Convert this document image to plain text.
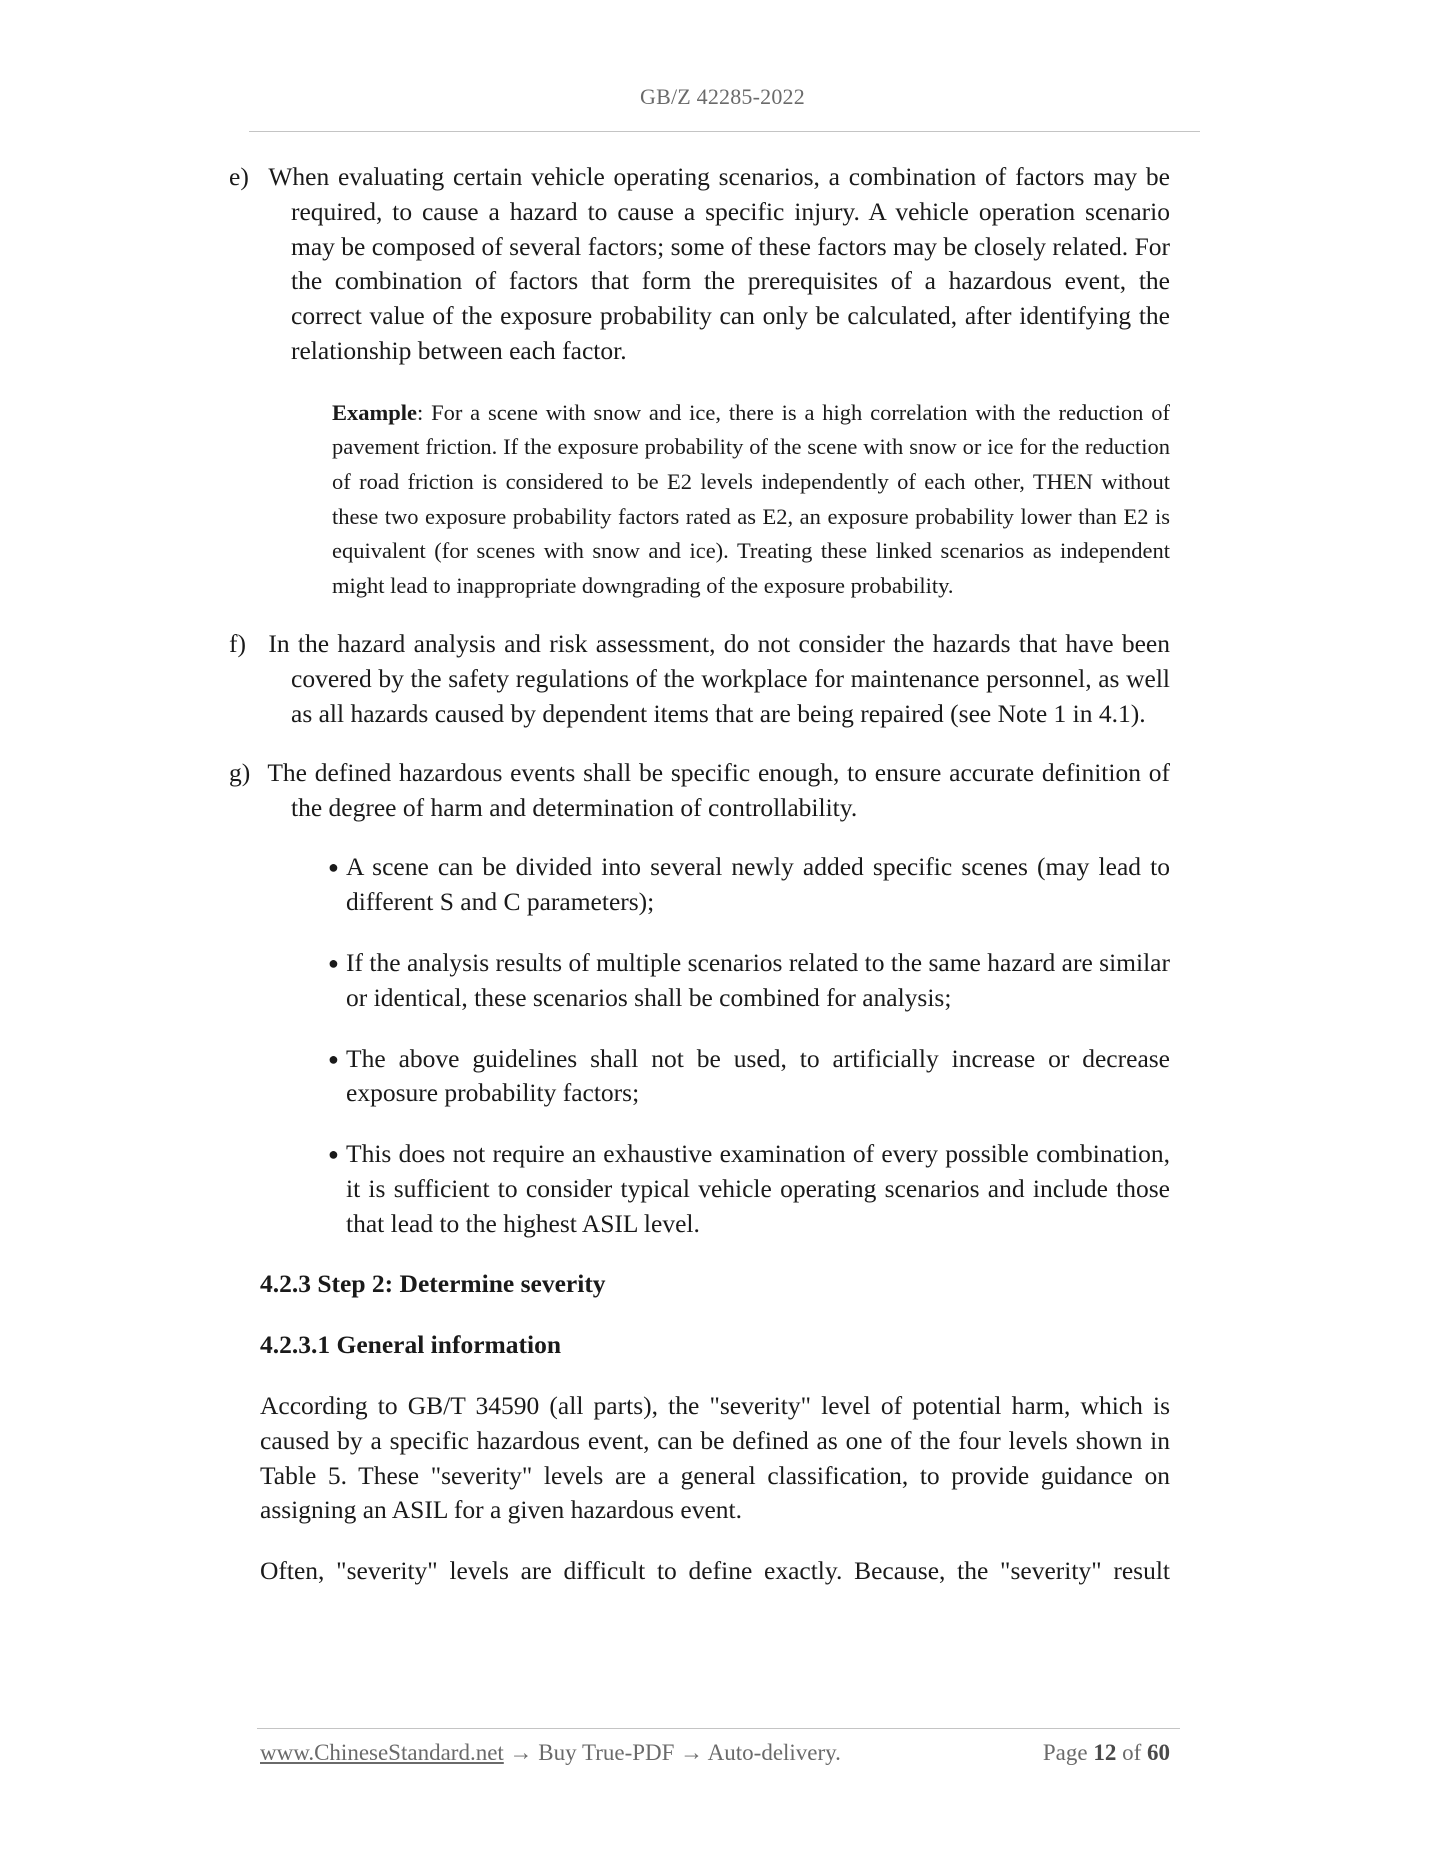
GB/Z 42285-2022

e) When evaluating certain vehicle operating scenarios, a combination of factors may be required, to cause a hazard to cause a specific injury. A vehicle operation scenario may be composed of several factors; some of these factors may be closely related. For the combination of factors that form the prerequisites of a hazardous event, the correct value of the exposure probability can only be calculated, after identifying the relationship between each factor.

Example: For a scene with snow and ice, there is a high correlation with the reduction of pavement friction. If the exposure probability of the scene with snow or ice for the reduction of road friction is considered to be E2 levels independently of each other, THEN without these two exposure probability factors rated as E2, an exposure probability lower than E2 is equivalent (for scenes with snow and ice). Treating these linked scenarios as independent might lead to inappropriate downgrading of the exposure probability.

f) In the hazard analysis and risk assessment, do not consider the hazards that have been covered by the safety regulations of the workplace for maintenance personnel, as well as all hazards caused by dependent items that are being repaired (see Note 1 in 4.1).

g) The defined hazardous events shall be specific enough, to ensure accurate definition of the degree of harm and determination of controllability.

● A scene can be divided into several newly added specific scenes (may lead to different S and C parameters);
● If the analysis results of multiple scenarios related to the same hazard are similar or identical, these scenarios shall be combined for analysis;
● The above guidelines shall not be used, to artificially increase or decrease exposure probability factors;
● This does not require an exhaustive examination of every possible combination, it is sufficient to consider typical vehicle operating scenarios and include those that lead to the highest ASIL level.

4.2.3 Step 2: Determine severity

4.2.3.1 General information

According to GB/T 34590 (all parts), the "severity" level of potential harm, which is caused by a specific hazardous event, can be defined as one of the four levels shown in Table 5. These "severity" levels are a general classification, to provide guidance on assigning an ASIL for a given hazardous event.

Often, "severity" levels are difficult to define exactly. Because, the "severity" result

www.ChineseStandard.net → Buy True-PDF → Auto-delivery.	Page 12 of 60
